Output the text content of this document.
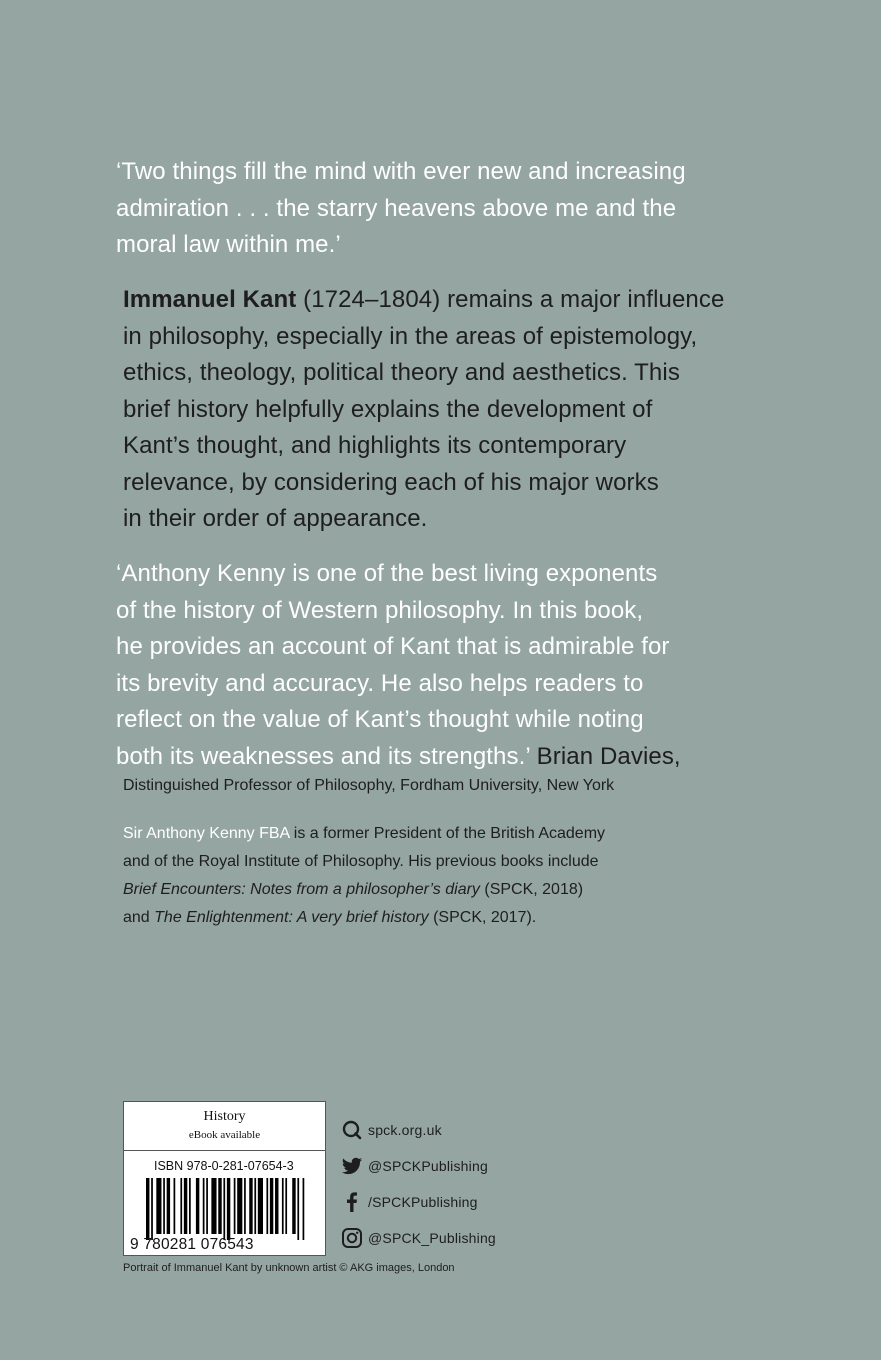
‘Two things fill the mind with ever new and increasing
admiration . . . the starry heavens above me and the
moral law within me.’
Immanuel Kant (1724–1804) remains a major influence
in philosophy, especially in the areas of epistemology,
ethics, theology, political theory and aesthetics. This
brief history helpfully explains the development of
Kant’s thought, and highlights its contemporary
relevance, by considering each of his major works
in their order of appearance.
‘Anthony Kenny is one of the best living exponents
of the history of Western philosophy. In this book,
he provides an account of Kant that is admirable for
its brevity and accuracy. He also helps readers to
reflect on the value of Kant’s thought while noting
both its weaknesses and its strengths.’ Brian Davies,
Distinguished Professor of Philosophy, Fordham University, New York
Sir Anthony Kenny FBA is a former President of the British Academy
and of the Royal Institute of Philosophy. His previous books include
Brief Encounters: Notes from a philosopher’s diary (SPCK, 2018)
and The Enlightenment: A very brief history (SPCK, 2017).
History
eBook available
ISBN 978-0-281-07654-3
9 780281 076543
spck.org.uk
@SPCKPublishing
/SPCKPublishing
@SPCK_Publishing
Portrait of Immanuel Kant by unknown artist © AKG images, London
